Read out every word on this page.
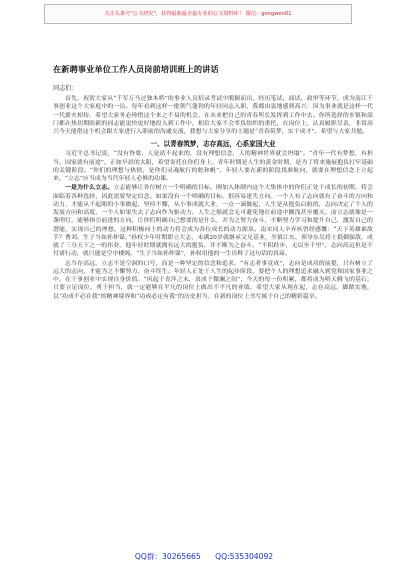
关注头条号"公文研究"，获得最新最全最专业的公文资料库！ 微信：gongwen01
在新聘事业单位工作人员岗前培训班上的讲话
同志们：

首先，祝贺大家从“千军万马过独木桥”的事业人员招录考试中脱颖而出，经历笔试、面试、政审等环节，成为南江干事创业这个大家庭中的一员。每年看到这样一批朝气蓬勃的年轻同志入职，我都由衷地感到高兴：因为事业就是这样一代一代薪火相传。希望大家务必珍惜这个来之不易的机会，在未来把自己的青春所长发挥到工作中去。你所选择的乡镇和部门都在热切期盼新的同志能更快更好地投入到工作中，相信大家不会辜负组织的重托，在岗位上，认真履职尽责，非常高兴今天能借这个机会跟大家进行入职前的沟通交流，我想与大家分享的主题是“青春筑梦，实干成才”，希望与大家共勉。

一、以青春筑梦，志存高远，心系家国大业

习近平总书记说，“没有脊梁，人是站不起来的，没有理想信念，人的精神世界就会坍塌”。“青年一代有梦想，有担当，国家就有前途”，正如早晨的太阳，希望寄托在你们身上。青年时期是人生的黄金时期，是为了将来施展抱负打牢基础的关键阶段。“你们的理想与热情，是你们灵魂航行的舵和帆”。年轻人要在新的阶段找准航向，就要在理想信念上立起来，“立志”应当成为当代年轻人必修的功课。

一是为什么立志。立志能够让各位树立一个明确的目标，刚加入体制内这个大集体中的你们正处于成长的初期，将会面临着各种选择，因此需要坚定信念。如果没有一个明确的目标，很容易迷失方向。一个人有了志向就有了奋斗的方向和动力，才能从不起眼的小事做起，坚持不懈，从小事成就大业，一点一滴做起，人生是从抱负启航的，志向决定了个人的发展方向和高度，一个人如果失去了志向作为驱动力，人生之船就会无可避免地在前途中搁浅甚至覆灭。而立志就像是一盏明灯，能够指引前进的方向，让你们明确自己想要的是什么，并为之努力奋斗，不断努力学习和提升自己，激发自己的潜能，实现自己的理想。这种积极向上的动力将会成为各位成长的动力源泉。南宋词人辛弃疾曾经感慨：“天下英雄谁敌手？曹刘。生子当如孙仲谋。”孙权少年时期即立大志，未满20岁就继承父兄基业，坐镇江东，领导东吴将士抵御强敌，成就了三分天下之一的伟业。他年轻时期就拥有远大的抱负，并不断为之奋斗。“不积跬步，无以至千里”，志向高远但是不付诸行动，就只能是空中楼阁。“生子当如孙仲谋”，孙权用他的一生诠释了这句话的真谛。

志当存高远，立志不是空洞的口号，而是一种坚定的信念和追求。“有志者事竟成”，志向是成功的前提，只有树立了远大的志向，才能为之不懈努力、奋斗终生。年轻人正处于人生的起步阶段，要把个人的理想追求融入到党和国家事业之中，在干事创业中实现自身价值。“风起于青萍之末，浪成于微澜之间”，今天的每一份积累，都将成为明天腾飞的基石。只要立足岗位、勇于担当，就一定能够在平凡的岗位上做出不平凡的业绩。希望大家从现在起，志存高远、脚踏实地，以“功成不必在我”的精神境界和“功成必定有我”的历史担当，在新的岗位上书写属于自己的精彩篇章。

QQ群：30265665 QQ:535304092
